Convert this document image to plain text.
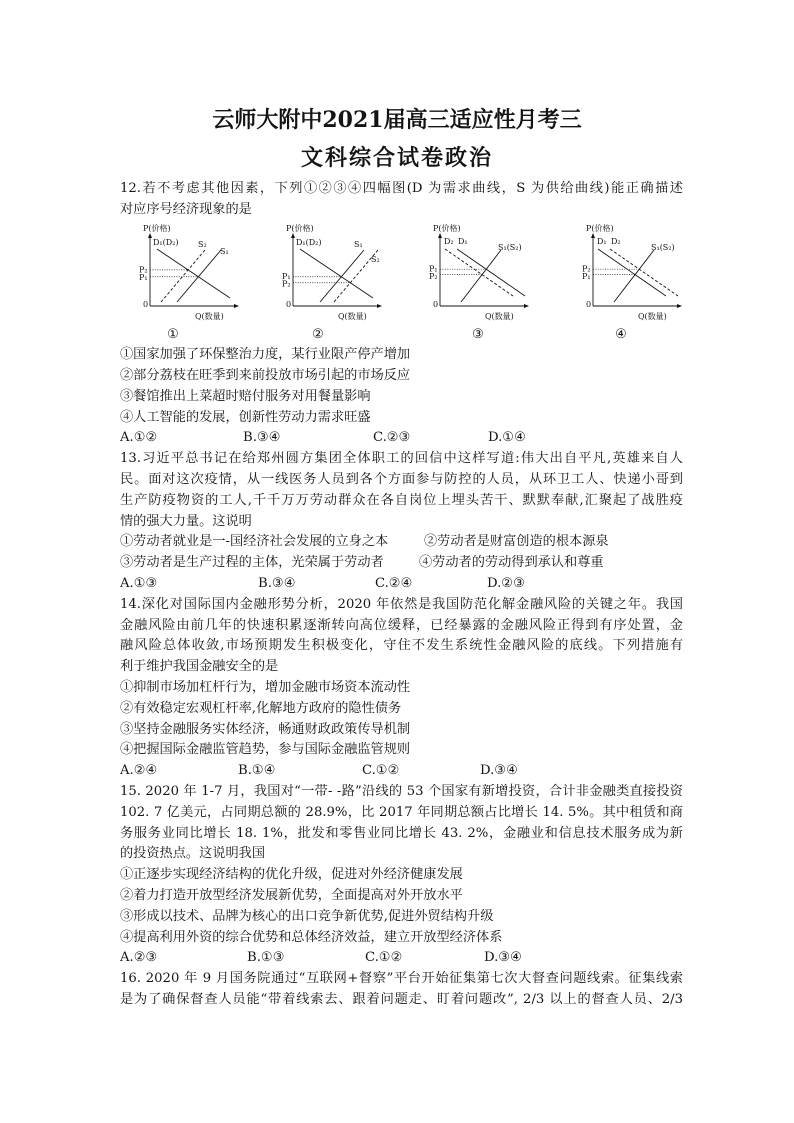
云师大附中2021届高三适应性月考三
文科综合试卷政治
12.若不考虑其他因素，下列①②③④四幅图(D 为需求曲线，S 为供给曲线)能正确描述
对应序号经济现象的是
P(价格)
0
Q(数量)
P₂
P₁
D₁(D₂) S₂
S₁
①
P(价格)
0
Q(数量)
P₁
P₂
D₁(D₂)	S₁
S₂
②
P(价格)
0
Q(数量)
P₁
P₂
D₂ D₁
S₁(S₂)
③
P(价格)
0
Q(数量)
P₂
P₁
D₁ D₂
S₁(S₂)
④
①国家加强了环保整治力度，某行业限产停产增加
②部分荔枝在旺季到来前投放市场引起的市场反应
③餐馆推出上菜超时赔付服务对用餐量影响
④人工智能的发展，创新性劳动力需求旺盛
A.①②	B.③④	C.②③	D.①④
13.习近平总书记在给郑州圆方集团全体职工的回信中这样写道:伟大出自平凡,英雄来自人
民。面对这次疫情，从一线医务人员到各个方面参与防控的人员，从环卫工人、快递小哥到
生产防疫物资的工人,千千万万劳动群众在各自岗位上埋头苦干、默默奉献,汇聚起了战胜疫
情的强大力量。这说明
①劳动者就业是一-国经济社会发展的立身之本	②劳动者是财富创造的根本源泉
③劳动者是生产过程的主体，光荣属于劳动者	④劳动者的劳动得到承认和尊重
A.①③	B.③④	C.②④	D.②③
14.深化对国际国内金融形势分析，2020 年依然是我国防范化解金融风险的关键之年。我国
金融风险由前几年的快速积累逐渐转向高位缓释，已经暴露的金融风险正得到有序处置，金
融风险总体收敛,市场预期发生积极变化，守住不发生系统性金融风险的底线。下列措施有
利于维护我国金融安全的是
①抑制市场加杠杆行为，增加金融市场资本流动性
②有效稳定宏观杠杆率,化解地方政府的隐性债务
③坚持金融服务实体经济，畅通财政政策传导机制
④把握国际金融监管趋势，参与国际金融监管规则
A.②④	B.①④	C.①②	D.③④
15. 2020 年 1-7 月，我国对“一带- -路”沿线的 53 个国家有新增投资，合计非金融类直接投资
102. 7 亿美元，占同期总额的 28.9%，比 2017 年同期总额占比增长 14. 5%。其中租赁和商
务服务业同比增长 18. 1%，批发和零售业同比增长 43. 2%，金融业和信息技术服务成为新
的投资热点。这说明我国
①正逐步实现经济结构的优化升级，促进对外经济健康发展
②着力打造开放型经济发展新优势，全面提高对外开放水平
③形成以技术、品牌为核心的出口竞争新优势,促进外贸结构升级
④提高利用外资的综合优势和总体经济效益，建立开放型经济体系
A.②③	B.①③	C.①②	D.③④
16. 2020 年 9 月国务院通过“互联网+督察”平台开始征集第七次大督查问题线索。征集线索
是为了确保督查人员能“带着线索去、跟着问题走、盯着问题改”, 2/3 以上的督查人员、2/3
